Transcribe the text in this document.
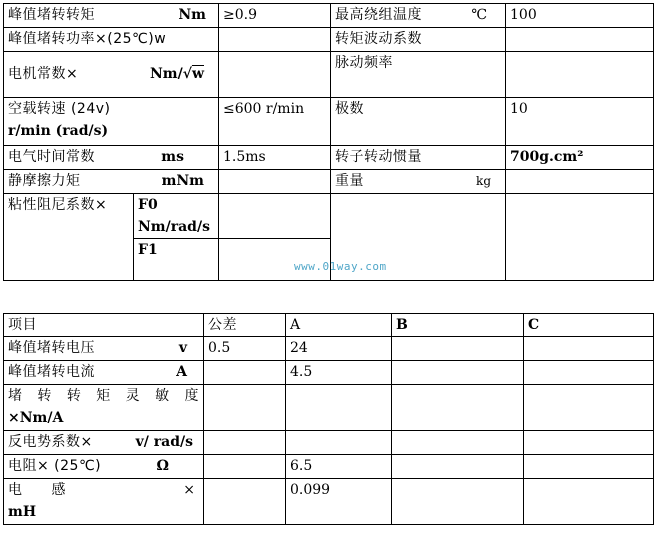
峰值堵转转矩 Nm		≥0.9	最高绕组温度 ℃	100
峰值堵转功率×(25℃)w			转矩波动系数	
电机常数× Nm/√w			脉动频率	

空载转速 (24v)
r/min (rad/s)		≤600 r/min	极数	10
电气时间常数 ms		1.5ms	转子转动惯量	700g.cm²
静摩擦力矩 mNm			重量 kg	

粘性阻尼系数×	F0
Nm/rad/s			

	F1			
www.01way.com
项目	公差	A	B	C
峰值堵转电压 v	0.5	24		
峰值堵转电流 A		4.5		

堵转转矩灵敏度
×Nm/A				

反电势系数× v/ rad/s				

电阻× (25℃) Ω		6.5		

电　　感 ×
mH		0.099		
